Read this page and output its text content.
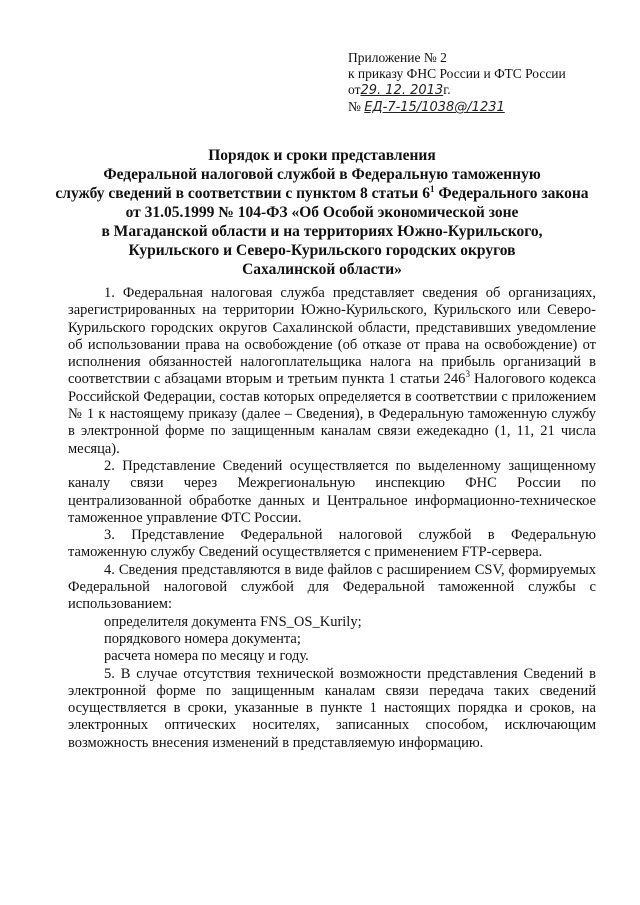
Приложение № 2
к приказу ФНС России и ФТС России
от29. 12. 2013г.
№ ЕД-7-15/1038@/1231
Порядок и сроки представления
Федеральной налоговой службой в Федеральную таможенную
службу сведений в соответствии с пунктом 8 статьи $6^1$ Федерального закона
от 31.05.1999 № 104-ФЗ «Об Особой экономической зоне
в Магаданской области и на территориях Южно-Курильского,
Курильского и Северо-Курильского городских округов
Сахалинской области»

1. Федеральная налоговая служба представляет сведения об организациях, зарегистрированных на территории Южно-Курильского, Курильского или Северо-Курильского городских округов Сахалинской области, представивших уведомление об использовании права на освобождение (об отказе от права на освобождение) от исполнения обязанностей налогоплательщика налога на прибыль организаций в соответствии с абзацами вторым и третьим пункта 1 статьи $246^3$ Налогового кодекса Российской Федерации, состав которых определяется в соответствии с приложением № 1 к настоящему приказу (далее – Сведения), в Федеральную таможенную службу в электронной форме по защищенным каналам связи ежедекадно (1, 11, 21 числа месяца).

2. Представление Сведений осуществляется по выделенному защищенному каналу связи через Межрегиональную инспекцию ФНС России по централизованной обработке данных и Центральное информационно-техническое таможенное управление ФТС России.

3. Представление Федеральной налоговой службой в Федеральную таможенную службу Сведений осуществляется с применением FTP-сервера.

4. Сведения представляются в виде файлов с расширением CSV, формируемых Федеральной налоговой службой для Федеральной таможенной службы с использованием:

определителя документа FNS_OS_Kurily;

порядкового номера документа;

расчета номера по месяцу и году.

5. В случае отсутствия технической возможности представления Сведений в электронной форме по защищенным каналам связи передача таких сведений осуществляется в сроки, указанные в пункте 1 настоящих порядка и сроков, на электронных оптических носителях, записанных способом, исключающим возможность внесения изменений в представляемую информацию.
